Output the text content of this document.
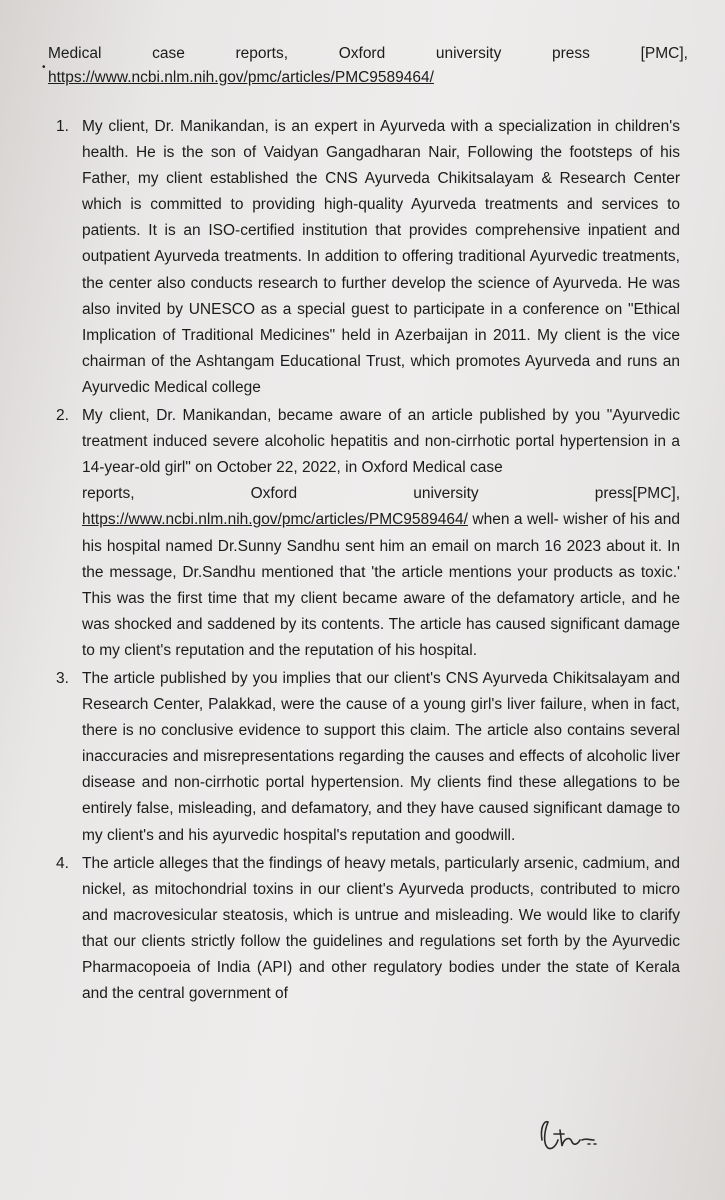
•
Medical	case	reports,	Oxford	university	press	[PMC],
https://www.ncbi.nlm.nih.gov/pmc/articles/PMC9589464/
1. My client, Dr. Manikandan, is an expert in Ayurveda with a specialization in children's health. He is the son of Vaidyan Gangadharan Nair, Following the footsteps of his Father, my client established the CNS Ayurveda Chikitsalayam & Research Center which is committed to providing high-quality Ayurveda treatments and services to patients. It is an ISO-certified institution that provides comprehensive inpatient and outpatient Ayurveda treatments. In addition to offering traditional Ayurvedic treatments, the center also conducts research to further develop the science of Ayurveda. He was also invited by UNESCO as a special guest to participate in a conference on "Ethical Implication of Traditional Medicines" held in Azerbaijan in 2011. My client is the vice chairman of the Ashtangam Educational Trust, which promotes Ayurveda and runs an Ayurvedic Medical college
2. My client, Dr. Manikandan, became aware of an article published by you "Ayurvedic treatment induced severe alcoholic hepatitis and non-cirrhotic portal hypertension in a 14-year-old girl" on October 22, 2022, in Oxford Medical case
reports,	Oxford	university	press[PMC],
https://www.ncbi.nlm.nih.gov/pmc/articles/PMC9589464/ when a well- wisher of his and his hospital named Dr.Sunny Sandhu sent him an email on march 16 2023 about it. In the message, Dr.Sandhu mentioned that 'the article mentions your products as toxic.' This was the first time that my client became aware of the defamatory article, and he was shocked and saddened by its contents. The article has caused significant damage to my client's reputation and the reputation of his hospital.
3. The article published by you implies that our client's CNS Ayurveda Chikitsalayam and Research Center, Palakkad, were the cause of a young girl's liver failure, when in fact, there is no conclusive evidence to support this claim. The article also contains several inaccuracies and misrepresentations regarding the causes and effects of alcoholic liver disease and non-cirrhotic portal hypertension. My clients find these allegations to be entirely false, misleading, and defamatory, and they have caused significant damage to my client's and his ayurvedic hospital's reputation and goodwill.
4. The article alleges that the findings of heavy metals, particularly arsenic, cadmium, and nickel, as mitochondrial toxins in our client's Ayurveda products, contributed to micro and macrovesicular steatosis, which is untrue and misleading. We would like to clarify that our clients strictly follow the guidelines and regulations set forth by the Ayurvedic Pharmacopoeia of India (API) and other regulatory bodies under the state of Kerala and the central government of
